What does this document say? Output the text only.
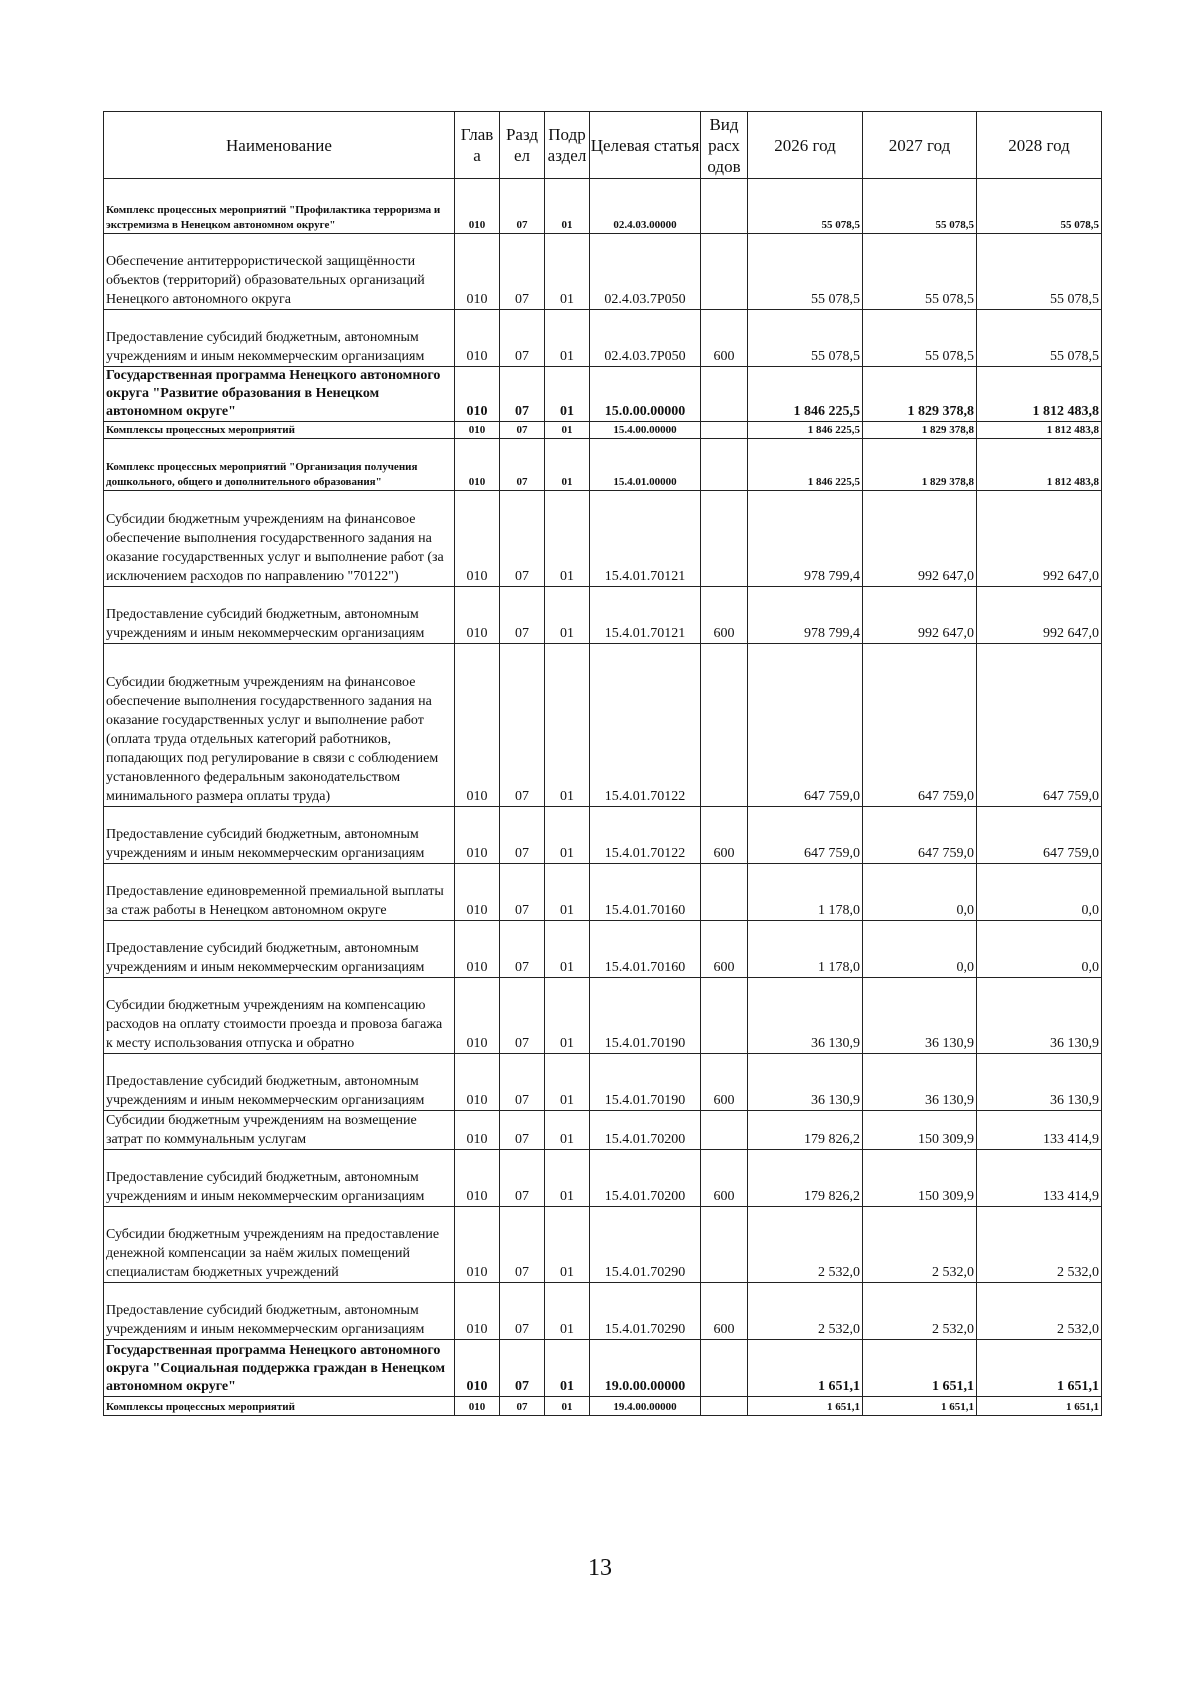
Наименование	Глав а	Разд ел	Подр аздел	Целевая статья	Вид расх одов	2026 год	2027 год	2028 год
Комплекс процессных мероприятий "Профилактика терроризма и экстремизма в Ненецком автономном округе"	010	07	01	02.4.03.00000		55 078,5	55 078,5	55 078,5
Обеспечение антитеррористической защищённости объектов (территорий) образовательных организаций Ненецкого автономного округа	010	07	01	02.4.03.7Р050		55 078,5	55 078,5	55 078,5
Предоставление субсидий бюджетным, автономным учреждениям и иным некоммерческим организациям	010	07	01	02.4.03.7Р050	600	55 078,5	55 078,5	55 078,5
Государственная программа Ненецкого автономного округа "Развитие образования в Ненецком автономном округе"	010	07	01	15.0.00.00000		1 846 225,5	1 829 378,8	1 812 483,8
Комплексы процессных мероприятий	010	07	01	15.4.00.00000		1 846 225,5	1 829 378,8	1 812 483,8
Комплекс процессных мероприятий "Организация получения дошкольного, общего и дополнительного образования"	010	07	01	15.4.01.00000		1 846 225,5	1 829 378,8	1 812 483,8
Субсидии бюджетным учреждениям на финансовое обеспечение выполнения государственного задания на оказание государственных услуг и выполнение работ (за исключением расходов по направлению "70122")	010	07	01	15.4.01.70121		978 799,4	992 647,0	992 647,0
Предоставление субсидий бюджетным, автономным учреждениям и иным некоммерческим организациям	010	07	01	15.4.01.70121	600	978 799,4	992 647,0	992 647,0
Субсидии бюджетным учреждениям на финансовое обеспечение выполнения государственного задания на оказание государственных услуг и выполнение работ (оплата труда отдельных категорий работников, попадающих под регулирование в связи с соблюдением установленного федеральным законодательством минимального размера оплаты труда)	010	07	01	15.4.01.70122		647 759,0	647 759,0	647 759,0
Предоставление субсидий бюджетным, автономным учреждениям и иным некоммерческим организациям	010	07	01	15.4.01.70122	600	647 759,0	647 759,0	647 759,0
Предоставление единовременной премиальной выплаты за стаж работы в Ненецком автономном округе	010	07	01	15.4.01.70160		1 178,0	0,0	0,0
Предоставление субсидий бюджетным, автономным учреждениям и иным некоммерческим организациям	010	07	01	15.4.01.70160	600	1 178,0	0,0	0,0
Субсидии бюджетным учреждениям на компенсацию расходов на оплату стоимости проезда и провоза багажа к месту использования отпуска и обратно	010	07	01	15.4.01.70190		36 130,9	36 130,9	36 130,9
Предоставление субсидий бюджетным, автономным учреждениям и иным некоммерческим организациям	010	07	01	15.4.01.70190	600	36 130,9	36 130,9	36 130,9
Субсидии бюджетным учреждениям на возмещение затрат по коммунальным услугам	010	07	01	15.4.01.70200		179 826,2	150 309,9	133 414,9
Предоставление субсидий бюджетным, автономным учреждениям и иным некоммерческим организациям	010	07	01	15.4.01.70200	600	179 826,2	150 309,9	133 414,9
Субсидии бюджетным учреждениям на предоставление денежной компенсации за наём жилых помещений специалистам бюджетных учреждений	010	07	01	15.4.01.70290		2 532,0	2 532,0	2 532,0
Предоставление субсидий бюджетным, автономным учреждениям и иным некоммерческим организациям	010	07	01	15.4.01.70290	600	2 532,0	2 532,0	2 532,0
Государственная программа Ненецкого автономного округа "Социальная поддержка граждан в Ненецком автономном округе"	010	07	01	19.0.00.00000		1 651,1	1 651,1	1 651,1
Комплексы процессных мероприятий	010	07	01	19.4.00.00000		1 651,1	1 651,1	1 651,1
13
